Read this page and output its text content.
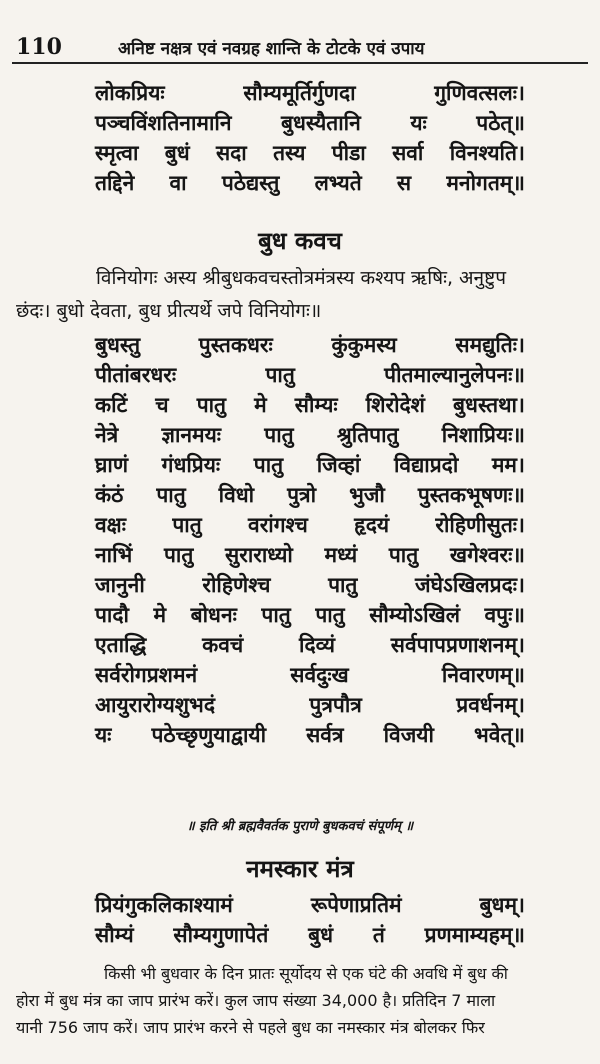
110	अनिष्ट नक्षत्र एवं नवग्रह शान्ति के टोटके एवं उपाय
लोकप्रियः	सौम्यमूर्तिर्गुणदा	गुणिवत्सलः।
पञ्चविंशतिनामानि बुधस्यैतानि यः पठेत्॥
स्मृत्वा बुधं सदा तस्य पीडा सर्वा विनश्यति।
तद्दिने वा पठेद्यस्तु लभ्यते स मनोगतम्॥
बुध कवच
विनियोगः अस्य श्रीबुधकवचस्तोत्रमंत्रस्य कश्यप ऋषिः, अनुष्टुप
छंदः। बुधो देवता, बुध प्रीत्यर्थे जपे विनियोगः॥
बुधस्तु	पुस्तकधरः	कुंकुमस्य	समद्युतिः।
पीतांबरधरः	पातु	पीतमाल्यानुलेपनः॥
कटिं च पातु मे सौम्यः शिरोदेशं बुधस्तथा।
नेत्रे ज्ञानमयः पातु श्रुतिपातु निशाप्रियः॥
घ्राणं गंधप्रियः पातु जिव्हां विद्याप्रदो मम।
कंठं पातु विधो पुत्रो भुजौ पुस्तकभूषणः॥
वक्षः पातु वरांगश्च हृदयं रोहिणीसुतः।
नाभिं पातु सुराराध्यो मध्यं पातु खगेश्वरः॥
जानुनी	रोहिणेश्च	पातु	जंघेऽखिलप्रदः।
पादौ मे बोधनः पातु पातु सौम्योऽखिलं वपुः॥
एताद्धि	कवचं	दिव्यं	सर्वपापप्रणाशनम्।
सर्वरोगप्रशमनं	सर्वदुःख	निवारणम्॥
आयुरारोग्यशुभदं	पुत्रपौत्र	प्रवर्धनम्।
यः पठेच्छृणुयाद्वायी सर्वत्र विजयी भवेत्॥
॥ इति श्री ब्रह्मवैवर्तक पुराणे बुधकवचं संपूर्णम् ॥
नमस्कार मंत्र
प्रियंगुकलिकाश्यामं	रूपेणाप्रतिमं	बुधम्।
सौम्यं सौम्यगुणापेतं बुधं तं प्रणमाम्यहम्॥
किसी भी बुधवार के दिन प्रातः सूर्योदय से एक घंटे की अवधि में बुध की
होरा में बुध मंत्र का जाप प्रारंभ करें। कुल जाप संख्या 34,000 है। प्रतिदिन 7 माला
यानी 756 जाप करें। जाप प्रारंभ करने से पहले बुध का नमस्कार मंत्र बोलकर फिर
